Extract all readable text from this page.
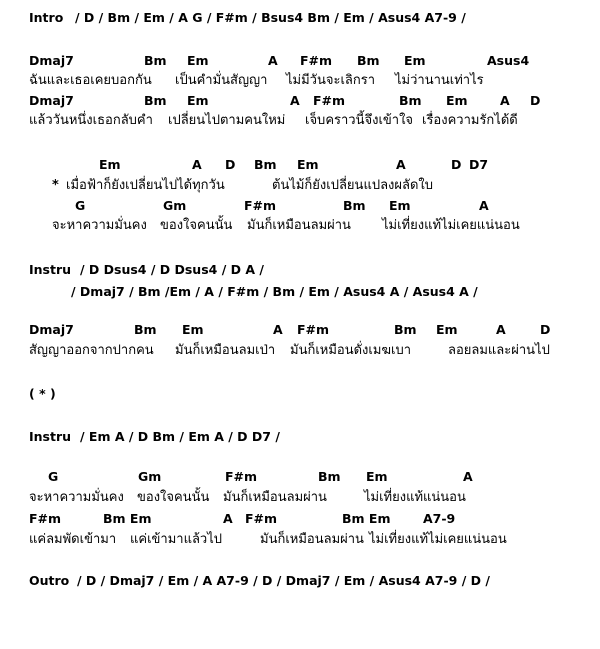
Intro

/ D / Bm / Em / A G / F#m / Bsus4 Bm / Em / Asus4 A7-9 /

Dmaj7

	Bm

Em

	A

F#m

Bm

Em

	Asus4

ฉันและเธอเคยบอกกัน

เป็นคำมั่นสัญญา

ไม่มีวันจะเลิกรา

ไม่ว่านานเท่าไร

Dmaj7

	Bm

Em

	A

F#m

	Bm

Em

	A

D

แล้ววันหนึ่งเธอกลับคำ

เปลี่ยนไปตามคนใหม่

เจ็บคราวนี้จึงเข้าใจ

เรื่องความรักได้ดี

Em

	A

D

Bm

Em

	A

	D

D7

*

เมื่อฟ้าก็ยังเปลี่ยนไปได้ทุกวัน

	ต้นไม้ก็ยังเปลี่ยนแปลงผลัดใบ

G

	Gm

	F#m

	Bm

Em

	A

จะหาความมั่นคง

ของใจคนนั้น

มันก็เหมือนลมผ่าน

ไม่เที่ยงแท้ไม่เคยแน่นอน

Instru

/ D Dsus4 / D Dsus4 / D A /

/ Dmaj7 / Bm /Em / A / F#m / Bm / Em / Asus4 A / Asus4 A /

Dmaj7

	Bm

Em

	A

F#m

	Bm

Em

	A

	D

สัญญาออกจากปากคน

มันก็เหมือนลมเป่า

มันก็เหมือนดั่งเมฆเบา

	ลอยลมและผ่านไป

( * )

Instru

/ Em A / D Bm / Em A / D D7 /

G

	Gm

	F#m

	Bm

Em

	A

จะหาความมั่นคง

ของใจคนนั้น

มันก็เหมือนลมผ่าน

	ไม่เที่ยงแท้แน่นอน

F#m

	Bm Em

	A

F#m

	Bm Em

	A7-9

แค่ลมพัดเข้ามา

แค่เข้ามาแล้วไป

	มันก็เหมือนลมผ่าน

ไม่เที่ยงแท้ไม่เคยแน่นอน

Outro

/ D / Dmaj7 / Em / A A7-9 / D / Dmaj7 / Em / Asus4 A7-9 / D /
